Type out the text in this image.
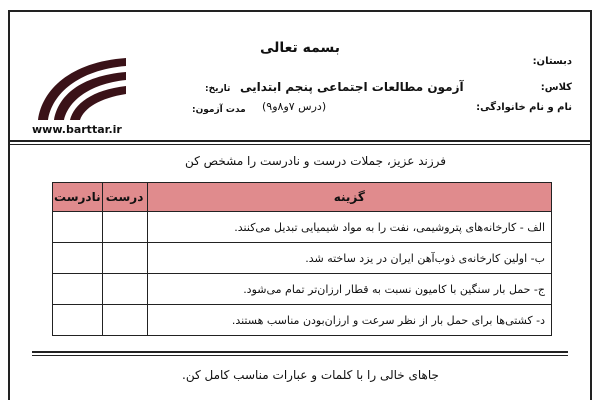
بسمه تعالی
آزمون مطالعات اجتماعی پنجم ابتدایی
(درس ۷و۸و۹)
دبستان:
کلاس:
نام و نام خانوادگی:
تاریخ:
مدت آزمون:
www.barttar.ir
فرزند عزیز، جملات درست و نادرست را مشخص کن
نادرست	درست	گزینه
		الف - کارخانه‌های پتروشیمی، نفت را به مواد شیمیایی تبدیل می‌کنند.
		ب- اولین کارخانه‌ی ذوب‌آهن ایران در یزد ساخته شد.
		ج- حمل بار سنگین با کامیون نسبت به قطار ارزان‌تر تمام می‌شود.
		د- کشتی‌ها برای حمل بار از نظر سرعت و ارزان‌بودن مناسب هستند.
جاهای خالی را با کلمات و عبارات مناسب کامل کن.
